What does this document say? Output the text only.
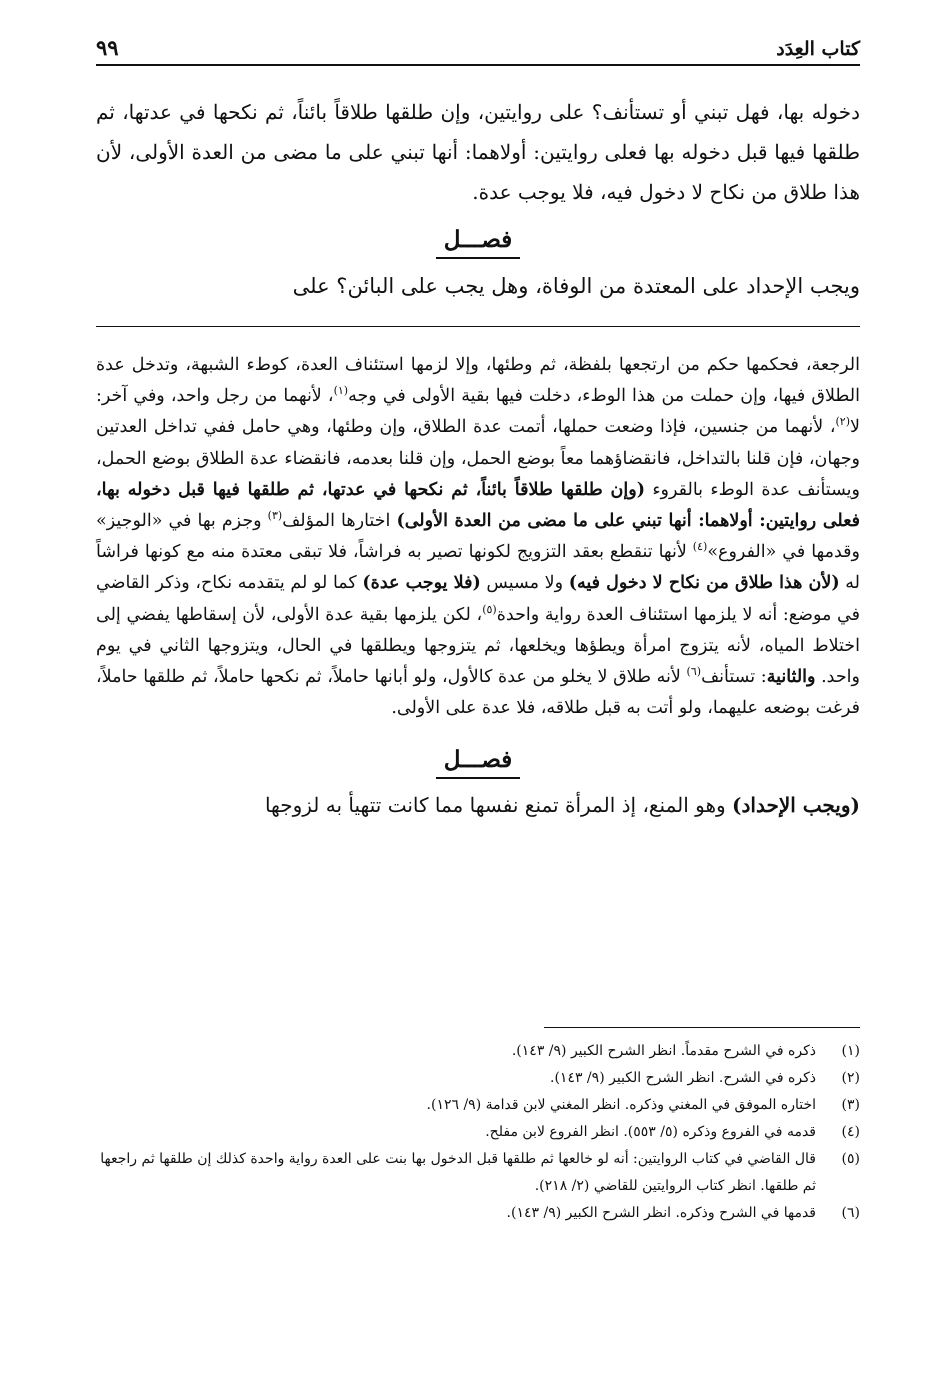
كتاب العِدَد
٩٩
دخوله بها، فهل تبني أو تستأنف؟ على روايتين، وإن طلقها طلاقاً بائناً، ثم نكحها في عدتها، ثم طلقها فيها قبل دخوله بها فعلى روايتين: أولاهما: أنها تبني على ما مضى من العدة الأولى، لأن هذا طلاق من نكاح لا دخول فيه، فلا يوجب عدة.
فصـــل
ويجب الإحداد على المعتدة من الوفاة، وهل يجب على البائن؟ على

الرجعة، فحكمها حكم من ارتجعها بلفظة، ثم وطئها، وإلا لزمها استئناف العدة، كوطء الشبهة، وتدخل عدة الطلاق فيها، وإن حملت من هذا الوطء، دخلت فيها بقية الأولى في وجه$^{(١)}$، لأنهما من رجل واحد، وفي آخر: لا$^{(٢)}$، لأنهما من جنسين، فإذا وضعت حملها، أتمت عدة الطلاق، وإن وطئها، وهي حامل ففي تداخل العدتين وجهان، فإن قلنا بالتداخل، فانقضاؤهما معاً بوضع الحمل، وإن قلنا بعدمه، فانقضاء عدة الطلاق بوضع الحمل، ويستأنف عدة الوطء بالقروء (وإن طلقها طلاقاً بائناً، ثم نكحها في عدتها، ثم طلقها فيها قبل دخوله بها، فعلى روايتين: أولاهما: أنها تبني على ما مضى من العدة الأولى) اختارها المؤلف$^{(٣)}$ وجزم بها في «الوجيز» وقدمها في «الفروع»$^{(٤)}$ لأنها تنقطع بعقد التزويج لكونها تصير به فراشاً، فلا تبقى معتدة منه مع كونها فراشاً له (لأن هذا طلاق من نكاح لا دخول فيه) ولا مسيس (فلا يوجب عدة) كما لو لم يتقدمه نكاح، وذكر القاضي في موضع: أنه لا يلزمها استئناف العدة رواية واحدة$^{(٥)}$، لكن يلزمها بقية عدة الأولى، لأن إسقاطها يفضي إلى اختلاط المياه، لأنه يتزوج امرأة ويطؤها ويخلعها، ثم يتزوجها ويطلقها في الحال، ويتزوجها الثاني في يوم واحد. والثانية: تستأنف$^{(٦)}$ لأنه طلاق لا يخلو من عدة كالأول، ولو أبانها حاملاً، ثم نكحها حاملاً، ثم طلقها حاملاً، فرغت بوضعه عليهما، ولو أتت به قبل طلاقه، فلا عدة على الأولى.

فصـــل
(ويجب الإحداد) وهو المنع، إذ المرأة تمنع نفسها مما كانت تتهيأ به لزوجها
(١)
ذكره في الشرح مقدماً. انظر الشرح الكبير (٩/ ١٤٣).
(٢)
ذكره في الشرح. انظر الشرح الكبير (٩/ ١٤٣).
(٣)
اختاره الموفق في المغني وذكره. انظر المغني لابن قدامة (٩/ ١٢٦).
(٤)
قدمه في الفروع وذكره (٥/ ٥٥٣). انظر الفروع لابن مفلح.
(٥)
قال القاضي في كتاب الروايتين: أنه لو خالعها ثم طلقها قبل الدخول بها بنت على العدة رواية واحدة كذلك إن طلقها ثم راجعها ثم طلقها. انظر كتاب الروايتين للقاضي (٢/ ٢١٨).
(٦)
قدمها في الشرح وذكره. انظر الشرح الكبير (٩/ ١٤٣).
